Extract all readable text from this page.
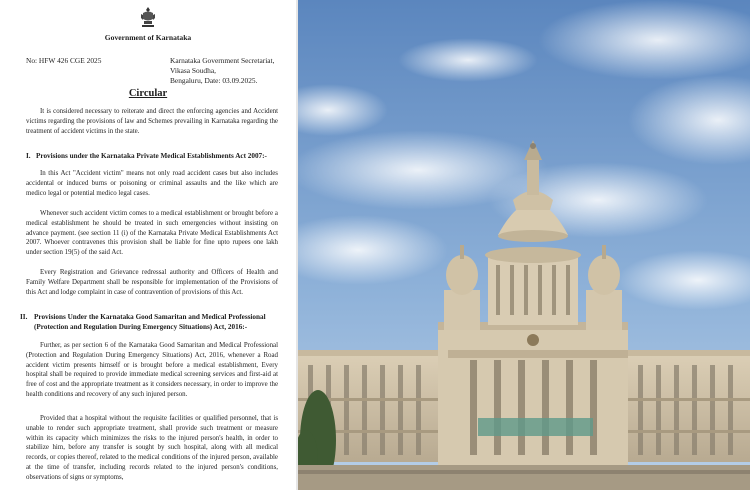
Government of Karnataka
No: HFW 426 CGE 2025	Karnataka Government Secretariat,
Vikasa Soudha,
Bengaluru, Date: 03.09.2025.
Circular

It is considered necessary to reiterate and direct the enforcing agencies and Accident victims regarding the provisions of law and Schemes prevailing in Karnataka regarding the treatment of accident victims in the state.

I. Provisions under the Karnataka Private Medical Establishments Act 2007:-

In this Act "Accident victim" means not only road accident cases but also includes accidental or induced burns or poisoning or criminal assaults and the like which are medico legal or potential medico legal cases.

Whenever such accident victim comes to a medical establishment or brought before a medical establishment he should be treated in such emergencies without insisting on advance payment. (see section 11 (i) of the Karnataka Private Medical Establishments Act 2007. Whoever contravenes this provision shall be liable for fine upto rupees one lakh under section 19(5) of the said Act.

Every Registration and Grievance redressal authority and Officers of Health and Family Welfare Department shall be responsible for implementation of the Provisions of this Act and lodge complaint in case of contravention of provisions of this Act.

II. Provisions Under the Karnataka Good Samaritan and Medical Professional
(Protection and Regulation During Emergency Situations) Act, 2016:-

Further, as per section 6 of the Karnataka Good Samaritan and Medical Professional (Protection and Regulation During Emergency Situations) Act, 2016, whenever a Road accident victim presents himself or is brought before a medical establishment, Every hospital shall be required to provide immediate medical screening services and first-aid at free of cost and the appropriate treatment as it considers necessary, in order to improve the health conditions and recovery of any such injured person.

Provided that a hospital without the requisite facilities or qualified personnel, that is unable to render such appropriate treatment, shall provide such treatment or measure within its capacity which minimizes the risks to the injured person's health, in order to stabilize him, before any transfer is sought by such hospital, along with all medical records, or copies thereof, related to the medical conditions of the injured person, available at the time of transfer, including records related to the injured person's conditions, observations of signs or symptoms,
